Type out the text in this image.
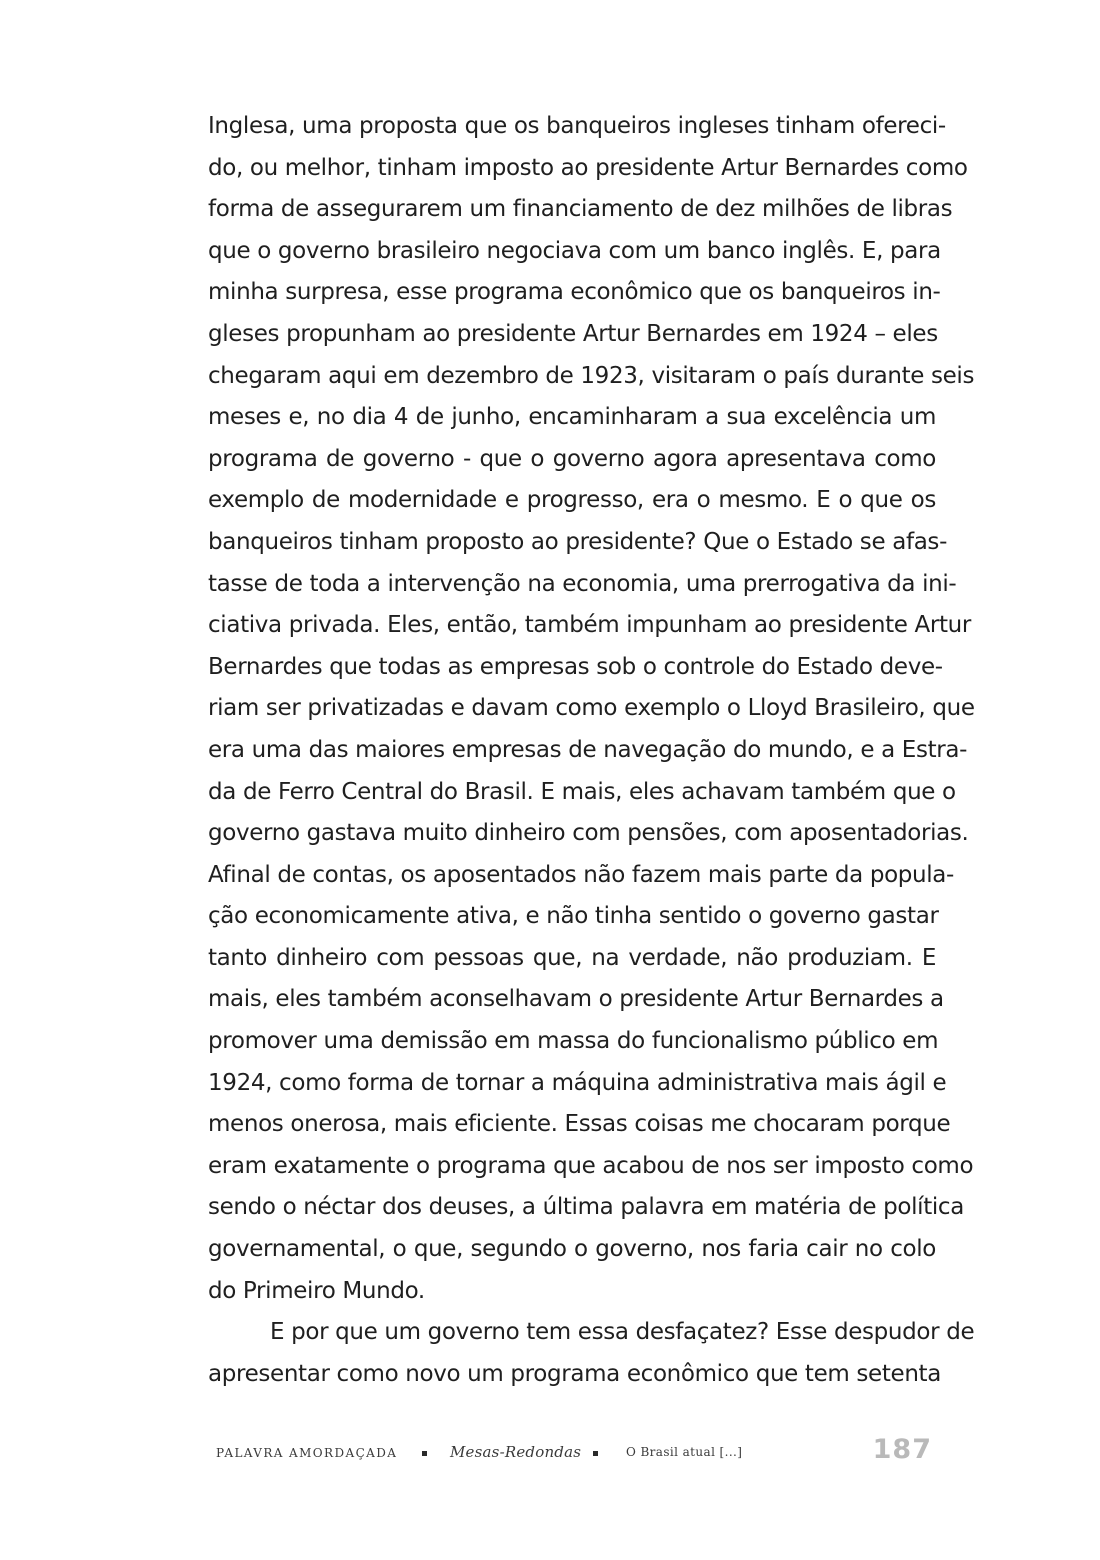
Inglesa, uma proposta que os banqueiros ingleses tinham ofereci-
do, ou melhor, tinham imposto ao presidente Artur Bernardes como
forma de assegurarem um financiamento de dez milhões de libras
que o governo brasileiro negociava com um banco inglês. E, para
minha surpresa, esse programa econômico que os banqueiros in-
gleses propunham ao presidente Artur Bernardes em 1924 – eles
chegaram aqui em dezembro de 1923, visitaram o país durante seis
meses e, no dia 4 de junho, encaminharam a sua excelência um
programa de governo - que o governo agora apresentava como
exemplo de modernidade e progresso, era o mesmo. E o que os
banqueiros tinham proposto ao presidente? Que o Estado se afas-
tasse de toda a intervenção na economia, uma prerrogativa da ini-
ciativa privada. Eles, então, também impunham ao presidente Artur
Bernardes que todas as empresas sob o controle do Estado deve-
riam ser privatizadas e davam como exemplo o Lloyd Brasileiro, que
era uma das maiores empresas de navegação do mundo, e a Estra-
da de Ferro Central do Brasil. E mais, eles achavam também que o
governo gastava muito dinheiro com pensões, com aposentadorias.
Afinal de contas, os aposentados não fazem mais parte da popula-
ção economicamente ativa, e não tinha sentido o governo gastar
tanto dinheiro com pessoas que, na verdade, não produziam. E
mais, eles também aconselhavam o presidente Artur Bernardes a
promover uma demissão em massa do funcionalismo público em
1924, como forma de tornar a máquina administrativa mais ágil e
menos onerosa, mais eficiente. Essas coisas me chocaram porque
eram exatamente o programa que acabou de nos ser imposto como
sendo o néctar dos deuses, a última palavra em matéria de política
governamental, o que, segundo o governo, nos faria cair no colo
do Primeiro Mundo.
E por que um governo tem essa desfaçatez? Esse despudor de
apresentar como novo um programa econômico que tem setenta
PALAVRA AMORDAÇADA	Mesas-Redondas	O Brasil atual [...]	187
